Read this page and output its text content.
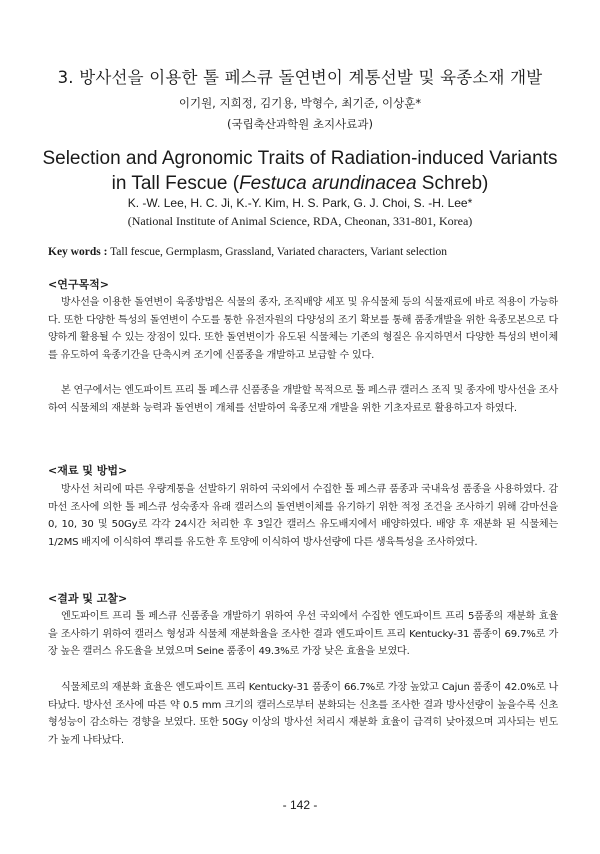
3. 방사선을 이용한 톨 페스큐 돌연변이 계통선발 및 육종소재 개발
이기원, 지희정, 김기용, 박형수, 최기준, 이상훈*
(국립축산과학원 초지사료과)
Selection and Agronomic Traits of Radiation-induced Variants in Tall Fescue (Festuca arundinacea Schreb)
K. -W. Lee, H. C. Ji, K.-Y. Kim, H. S. Park, G. J. Choi, S. -H. Lee*
(National Institute of Animal Science, RDA, Cheonan, 331-801, Korea)
Key words : Tall fescue, Germplasm, Grassland, Variated characters, Variant selection
<연구목적>
방사선을 이용한 돌연변이 육종방법은 식물의 종자, 조직배양 세포 및 유식물체 등의 식물재료에 바로 적용이 가능하다. 또한 다양한 특성의 돌연변이 수도를 통한 유전자원의 다양성의 조기 확보를 통해 품종개발을 위한 육종모본으로 다양하게 활용될 수 있는 장점이 있다. 또한 돌연변이가 유도된 식물체는 기존의 형질은 유지하면서 다양한 특성의 변이체를 유도하여 육종기간을 단축시켜 조기에 신품종을 개발하고 보급할 수 있다.
본 연구에서는 엔도파이트 프리 톨 페스큐 신품종을 개발할 목적으로 톨 페스큐 캘러스 조직 및 종자에 방사선을 조사하여 식물체의 재분화 능력과 돌연변이 개체를 선발하여 육종모재 개발을 위한 기초자료로 활용하고자 하였다.
<재료 및 방법>
방사선 처리에 따른 우량계통을 선발하기 위하여 국외에서 수집한 톨 페스큐 품종과 국내육성 품종을 사용하였다. 감마선 조사에 의한 톨 페스큐 성숙종자 유래 캘러스의 돌연변이체를 유기하기 위한 적정 조건을 조사하기 위해 감마선을 0, 10, 30 및 50Gy로 각각 24시간 처리한 후 3일간 캘러스 유도배지에서 배양하였다. 배양 후 재분화 된 식물체는 1/2MS 배지에 이식하여 뿌리를 유도한 후 토양에 이식하여 방사선량에 다른 생육특성을 조사하였다.
<결과 및 고찰>
엔도파이트 프리 톨 페스큐 신품종을 개발하기 위하여 우선 국외에서 수집한 엔도파이트 프리 5품종의 재분화 효율을 조사하기 위하여 캘러스 형성과 식물체 재분화율을 조사한 결과 엔도파이트 프리 Kentucky-31 품종이 69.7%로 가장 높은 캘러스 유도율을 보였으며 Seine 품종이 49.3%로 가장 낮은 효율을 보였다.
식물체로의 재분화 효율은 엔도파이트 프리 Kentucky-31 품종이 66.7%로 가장 높았고 Cajun 품종이 42.0%로 나타났다. 방사선 조사에 따른 약 0.5 mm 크기의 캘러스로부터 분화되는 신초를 조사한 결과 방사선량이 높을수록 신초 형성능이 감소하는 경향을 보였다. 또한 50Gy 이상의 방사선 처리시 재분화 효율이 급격히 낮아졌으며 괴사되는 빈도가 높게 나타났다.
- 142 -
